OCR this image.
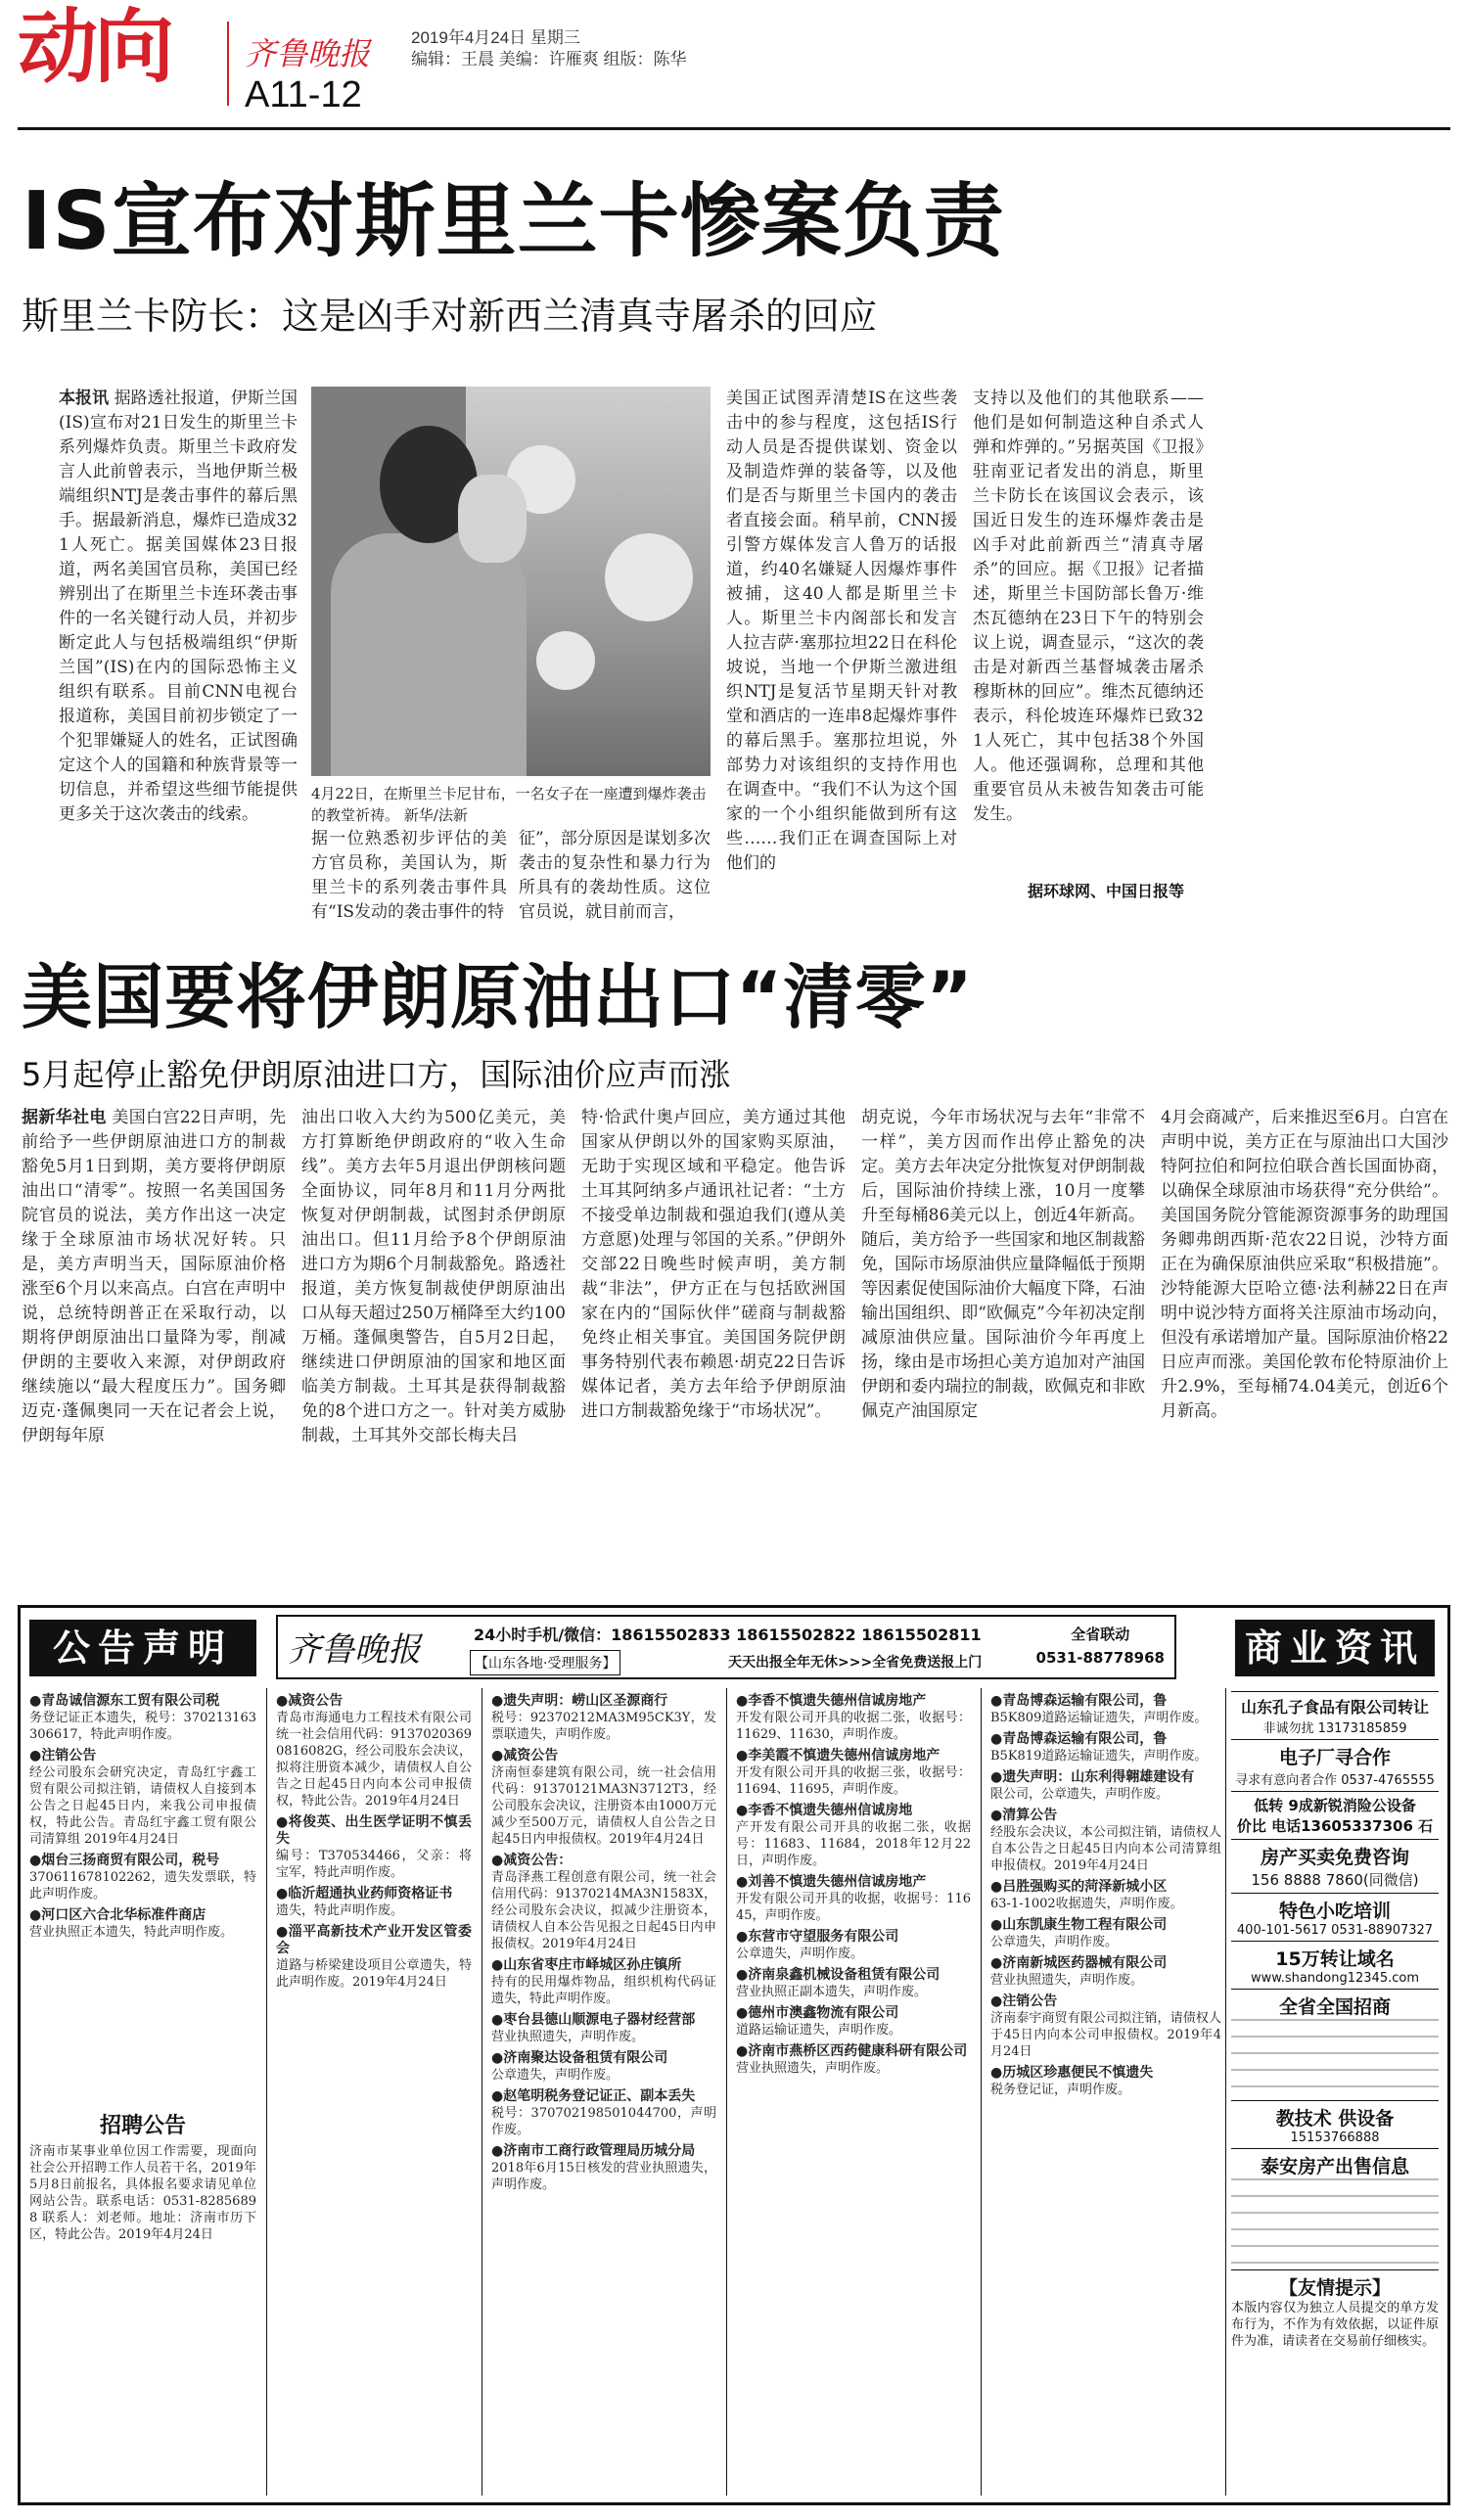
动向 齐鲁晚报
A11-12
2019年4月24日 星期三
编辑：王晨 美编：许雁爽 组版：陈华
IS宣布对斯里兰卡惨案负责
斯里兰卡防长：这是凶手对新西兰清真寺屠杀的回应
本报讯 据路透社报道，伊斯兰国(IS)宣布对21日发生的斯里兰卡系列爆炸负责。斯里兰卡政府发言人此前曾表示，当地伊斯兰极端组织NTJ是袭击事件的幕后黑手。据最新消息，爆炸已造成321人死亡。据美国媒体23日报道，两名美国官员称，美国已经辨别出了在斯里兰卡连环袭击事件的一名关键行动人员，并初步断定此人与包括极端组织“伊斯兰国”(IS)在内的国际恐怖主义组织有联系。目前CNN电视台报道称，美国目前初步锁定了一个犯罪嫌疑人的姓名，正试图确定这个人的国籍和种族背景等一切信息，并希望这些细节能提供更多关于这次袭击的线索。
4月22日，在斯里兰卡尼甘布，一名女子在一座遭到爆炸袭击的教堂祈祷。 新华/法新
据一位熟悉初步评估的美方官员称，美国认为，斯里兰卡的系列袭击事件具有“IS发动的袭击事件的特
征”，部分原因是谋划多次袭击的复杂性和暴力行为所具有的袭劫性质。这位官员说，就目前而言，
美国正试图弄清楚IS在这些袭击中的参与程度，这包括IS行动人员是否提供谋划、资金以及制造炸弹的装备等，以及他们是否与斯里兰卡国内的袭击者直接会面。稍早前，CNN援引警方媒体发言人鲁万的话报道，约40名嫌疑人因爆炸事件被捕，这40人都是斯里兰卡人。斯里兰卡内阁部长和发言人拉吉萨·塞那拉坦22日在科伦坡说，当地一个伊斯兰激进组织NTJ是复活节星期天针对教堂和酒店的一连串8起爆炸事件的幕后黑手。塞那拉坦说，外部势力对该组织的支持作用也在调查中。“我们不认为这个国家的一个小组织能做到所有这些……我们正在调查国际上对他们的
支持以及他们的其他联系——他们是如何制造这种自杀式人弹和炸弹的。”另据英国《卫报》驻南亚记者发出的消息，斯里兰卡防长在该国议会表示，该国近日发生的连环爆炸袭击是凶手对此前新西兰“清真寺屠杀”的回应。据《卫报》记者描述，斯里兰卡国防部长鲁万·维杰瓦德纳在23日下午的特别会议上说，调查显示，“这次的袭击是对新西兰基督城袭击屠杀穆斯林的回应”。维杰瓦德纳还表示，科伦坡连环爆炸已致321人死亡，其中包括38个外国人。他还强调称，总理和其他重要官员从未被告知袭击可能发生。
据环球网、中国日报等
美国要将伊朗原油出口“清零”
5月起停止豁免伊朗原油进口方，国际油价应声而涨
据新华社电 美国白宫22日声明，先前给予一些伊朗原油进口方的制裁豁免5月1日到期，美方要将伊朗原油出口“清零”。按照一名美国国务院官员的说法，美方作出这一决定缘于全球原油市场状况好转。只是，美方声明当天，国际原油价格涨至6个月以来高点。白宫在声明中说，总统特朗普正在采取行动，以期将伊朗原油出口量降为零，削减伊朗的主要收入来源，对伊朗政府继续施以“最大程度压力”。国务卿迈克·蓬佩奥同一天在记者会上说，伊朗每年原
油出口收入大约为500亿美元，美方打算断绝伊朗政府的“收入生命线”。美方去年5月退出伊朗核问题全面协议，同年8月和11月分两批恢复对伊朗制裁，试图封杀伊朗原油出口。但11月给予8个伊朗原油进口方为期6个月制裁豁免。路透社报道，美方恢复制裁使伊朗原油出口从每天超过250万桶降至大约100万桶。蓬佩奥警告，自5月2日起，继续进口伊朗原油的国家和地区面临美方制裁。土耳其是获得制裁豁免的8个进口方之一。针对美方威胁制裁，土耳其外交部长梅夫吕
特·恰武什奥卢回应，美方通过其他国家从伊朗以外的国家购买原油，无助于实现区域和平稳定。他告诉土耳其阿纳多卢通讯社记者：“土方不接受单边制裁和强迫我们(遵从美方意愿)处理与邻国的关系。”伊朗外交部22日晚些时候声明，美方制裁“非法”，伊方正在与包括欧洲国家在内的“国际伙伴”磋商与制裁豁免终止相关事宜。美国国务院伊朗事务特别代表布赖恩·胡克22日告诉媒体记者，美方去年给予伊朗原油进口方制裁豁免缘于“市场状况”。
胡克说，今年市场状况与去年“非常不一样”，美方因而作出停止豁免的决定。美方去年决定分批恢复对伊朗制裁后，国际油价持续上涨，10月一度攀升至每桶86美元以上，创近4年新高。随后，美方给予一些国家和地区制裁豁免，国际市场原油供应量降幅低于预期等因素促使国际油价大幅度下降，石油输出国组织、即“欧佩克”今年初决定削减原油供应量。国际油价今年再度上扬，缘由是市场担心美方追加对产油国伊朗和委内瑞拉的制裁，欧佩克和非欧佩克产油国原定
4月会商减产，后来推迟至6月。白宫在声明中说，美方正在与原油出口大国沙特阿拉伯和阿拉伯联合酋长国面协商，以确保全球原油市场获得“充分供给”。美国国务院分管能源资源事务的助理国务卿弗朗西斯·范农22日说，沙特方面正在为确保原油供应采取“积极措施”。沙特能源大臣哈立德·法利赫22日在声明中说沙特方面将关注原油市场动向，但没有承诺增加产量。国际原油价格22日应声而涨。美国伦敦布伦特原油价上升2.9%，至每桶74.04美元，创近6个月新高。
公告声明	商业资讯
齐鲁晚报	24小时手机/微信：18615502833 18615502822 18615502811
【山东各地·受理服务】	天天出报全年无休>>>全省免费送报上门
全省联动
0531-88778968
●青岛诚信源东工贸有限公司税
务登记证正本遗失，税号：370213163306617，特此声明作废。
●注销公告
经公司股东会研究决定，青岛红宇鑫工贸有限公司拟注销，请债权人自接到本公告之日起45日内，来我公司申报债权，特此公告。青岛红宇鑫工贸有限公司清算组 2019年4月24日
●烟台三扬商贸有限公司，税号
370611678102262，遗失发票联，特此声明作废。
●河口区六合北华标准件商店
营业执照正本遗失，特此声明作废。
招聘公告
济南市某事业单位因工作需要，现面向社会公开招聘工作人员若干名，2019年5月8日前报名，具体报名要求请见单位网站公告。联系电话：0531-82856898 联系人：刘老师。地址：济南市历下区，特此公告。2019年4月24日
●减资公告
青岛市海通电力工程技术有限公司统一社会信用代码：91370203690816082G，经公司股东会决议，拟将注册资本减少，请债权人自公告之日起45日内向本公司申报债权，特此公告。2019年4月24日
●将俊英、出生医学证明不慎丢失
编号：T370534466，父亲：将宝军，特此声明作废。
●临沂超通执业药师资格证书
遗失，特此声明作废。
●淄平高新技术产业开发区管委会
道路与桥梁建设项目公章遗失，特此声明作废。2019年4月24日
●遗失声明：崂山区圣源商行
税号：92370212MA3M95CK3Y，发票联遗失，声明作废。
●减资公告
济南恒泰建筑有限公司，统一社会信用代码：91370121MA3N3712T3，经公司股东会决议，注册资本由1000万元减少至500万元，请债权人自公告之日起45日内申报债权。2019年4月24日
●减资公告：
青岛泽燕工程创意有限公司，统一社会信用代码：91370214MA3N1583X，经公司股东会决议，拟减少注册资本，请债权人自本公告见报之日起45日内申报债权。2019年4月24日
●山东省枣庄市峄城区孙庄镇所
持有的民用爆炸物品，组织机构代码证遗失，特此声明作废。
●枣台县德山顺源电子器材经营部
营业执照遗失，声明作废。
●济南聚达设备租赁有限公司
公章遗失，声明作废。
●赵笔明税务登记证正、副本丢失
税号：370702198501044700，声明作废。
●济南市工商行政管理局历城分局
2018年6月15日核发的营业执照遗失，声明作废。
●李香不慎遗失德州信诚房地产
开发有限公司开具的收据二张，收据号：11629、11630，声明作废。
●李美霞不慎遗失德州信诚房地产
开发有限公司开具的收据三张，收据号：11694、11695，声明作废。
●李香不慎遗失德州信诚房地
产开发有限公司开具的收据二张，收据号：11683、11684，2018年12月22日，声明作废。
●刘善不慎遗失德州信诚房地产
开发有限公司开具的收据，收据号：11645，声明作废。
●东营市守望服务有限公司
公章遗失，声明作废。
●济南泉鑫机械设备租赁有限公司
营业执照正副本遗失，声明作废。
●德州市澳鑫物流有限公司
道路运输证遗失，声明作废。
●济南市燕桥区西药健康科研有限公司
营业执照遗失，声明作废。
●青岛博森运输有限公司，鲁
B5K809道路运输证遗失，声明作废。
●青岛博森运输有限公司，鲁
B5K819道路运输证遗失，声明作废。
●遗失声明：山东利得翱雄建设有
限公司，公章遗失，声明作废。
●清算公告
经股东会决议，本公司拟注销，请债权人自本公告之日起45日内向本公司清算组申报债权。2019年4月24日
●吕胜强购买的菏泽新城小区
63-1-1002收据遗失，声明作废。
●山东凯康生物工程有限公司
公章遗失，声明作废。
●济南新城医药器械有限公司
营业执照遗失，声明作废。
●注销公告
济南泰宇商贸有限公司拟注销，请债权人于45日内向本公司申报债权。2019年4月24日
●历城区珍惠便民不慎遗失
税务登记证，声明作废。
山东孔子食品有限公司转让
非诚勿扰 13173185859
电子厂寻合作
寻求有意向者合作 0537-4765555
低转 9成新锐消险公设备
价比 电话13605337306 石
房产买卖免费咨询
156 8888 7860(同微信)
特色小吃培训
400-101-5617 0531-88907327
15万转让域名
www.shandong12345.com
全省全国招商
教技术 供设备
15153766888
泰安房产出售信息
【友情提示】
本版内容仅为独立人员提交的单方发布行为，不作为有效依据，以证件原件为准，请读者在交易前仔细核实。
